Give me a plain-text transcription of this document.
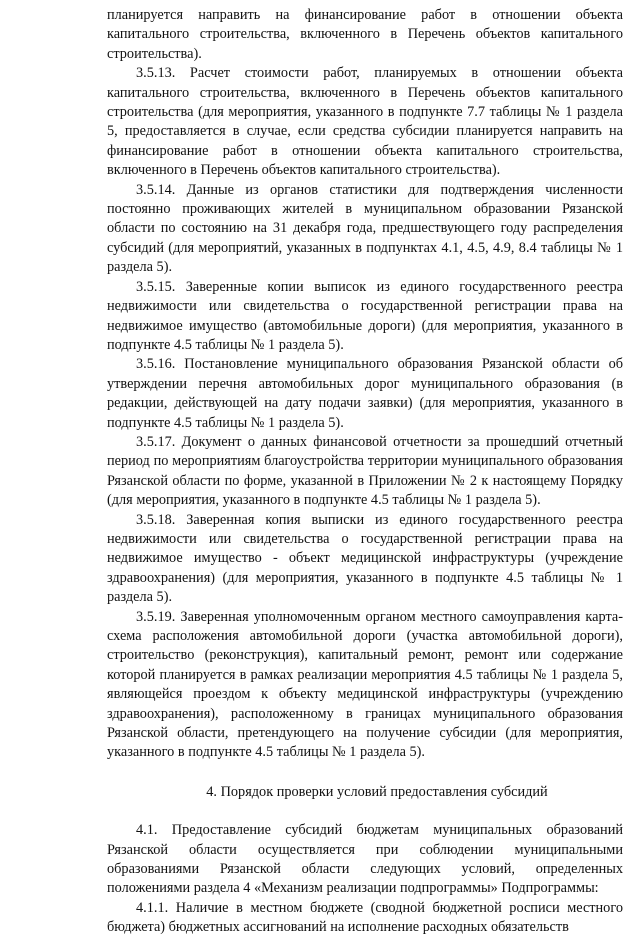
планируется направить на финансирование работ в отношении объекта капитального строительства, включенного в Перечень объектов капитального строительства).

3.5.13. Расчет стоимости работ, планируемых в отношении объекта капитального строительства, включенного в Перечень объектов капитального строительства (для мероприятия, указанного в подпункте 7.7 таблицы № 1 раздела 5, предоставляется в случае, если средства субсидии планируется направить на финансирование работ в отношении объекта капитального строительства, включенного в Перечень объектов капитального строительства).

3.5.14. Данные из органов статистики для подтверждения численности постоянно проживающих жителей в муниципальном образовании Рязанской области по состоянию на 31 декабря года, предшествующего году распределения субсидий (для мероприятий, указанных в подпунктах 4.1, 4.5, 4.9, 8.4 таблицы № 1 раздела 5).

3.5.15. Заверенные копии выписок из единого государственного реестра недвижимости или свидетельства о государственной регистрации права на недвижимое имущество (автомобильные дороги) (для мероприятия, указанного в подпункте 4.5 таблицы № 1 раздела 5).

3.5.16. Постановление муниципального образования Рязанской области об утверждении перечня автомобильных дорог муниципального образования (в редакции, действующей на дату подачи заявки) (для мероприятия, указанного в подпункте 4.5 таблицы № 1 раздела 5).

3.5.17. Документ о данных финансовой отчетности за прошедший отчетный период по мероприятиям благоустройства территории муниципального образования Рязанской области по форме, указанной в Приложении № 2 к настоящему Порядку (для мероприятия, указанного в подпункте 4.5 таблицы № 1 раздела 5).

3.5.18. Заверенная копия выписки из единого государственного реестра недвижимости или свидетельства о государственной регистрации права на недвижимое имущество - объект медицинской инфраструктуры (учреждение здравоохранения) (для мероприятия, указанного в подпункте 4.5 таблицы № 1 раздела 5).

3.5.19. Заверенная уполномоченным органом местного самоуправления карта-схема расположения автомобильной дороги (участка автомобильной дороги), строительство (реконструкция), капитальный ремонт, ремонт или содержание которой планируется в рамках реализации мероприятия 4.5 таблицы № 1 раздела 5, являющейся проездом к объекту медицинской инфраструктуры (учреждению здравоохранения), расположенному в границах муниципального образования Рязанской области, претендующего на получение субсидии (для мероприятия, указанного в подпункте 4.5 таблицы № 1 раздела 5).

4. Порядок проверки условий предоставления субсидий

4.1. Предоставление субсидий бюджетам муниципальных образований Рязанской области осуществляется при соблюдении муниципальными образованиями Рязанской области следующих условий, определенных положениями раздела 4 «Механизм реализации подпрограммы» Подпрограммы:

4.1.1. Наличие в местном бюджете (сводной бюджетной росписи местного бюджета) бюджетных ассигнований на исполнение расходных обязательств
